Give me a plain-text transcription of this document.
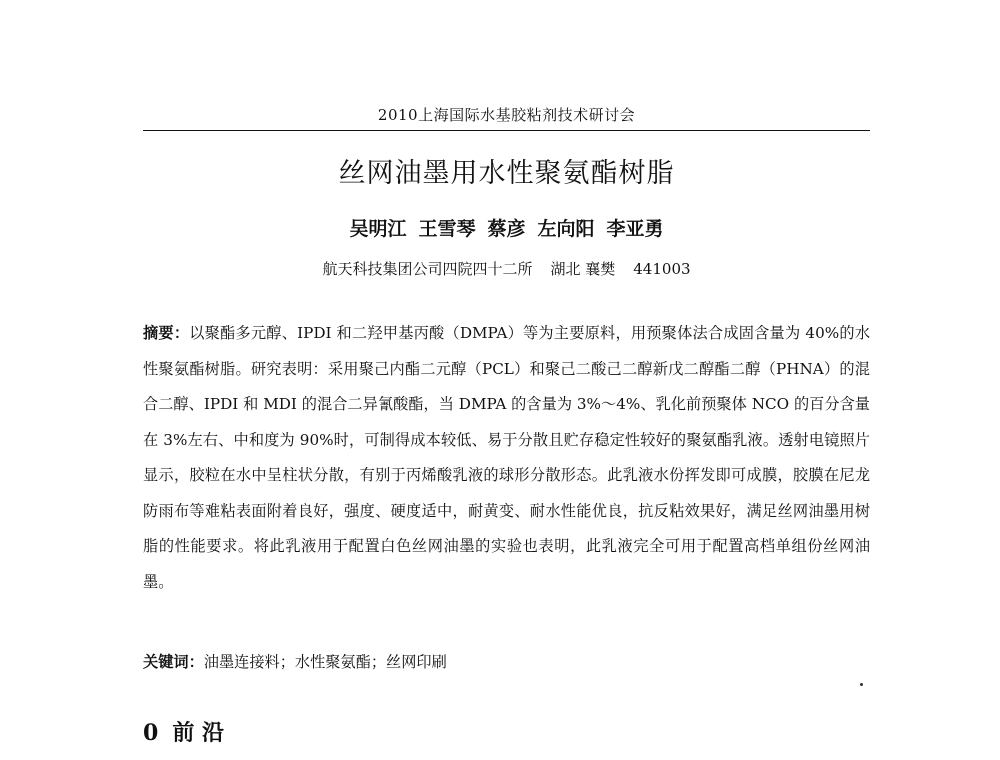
2010上海国际水基胶粘剂技术研讨会
丝网油墨用水性聚氨酯树脂
吴明江 王雪琴 蔡彦 左向阳 李亚勇
航天科技集团公司四院四十二所 湖北 襄樊 441003
摘要：以聚酯多元醇、IPDI 和二羟甲基丙酸（DMPA）等为主要原料，用预聚体法合成固含量为 40%的水性聚氨酯树脂。研究表明：采用聚己内酯二元醇（PCL）和聚己二酸己二醇新戊二醇酯二醇（PHNA）的混合二醇、IPDI 和 MDI 的混合二异氰酸酯，当 DMPA 的含量为 3%～4%、乳化前预聚体 NCO 的百分含量在 3%左右、中和度为 90%时，可制得成本较低、易于分散且贮存稳定性较好的聚氨酯乳液。透射电镜照片显示，胶粒在水中呈柱状分散，有别于丙烯酸乳液的球形分散形态。此乳液水份挥发即可成膜，胶膜在尼龙防雨布等难粘表面附着良好，强度、硬度适中，耐黄变、耐水性能优良，抗反粘效果好，满足丝网油墨用树脂的性能要求。将此乳液用于配置白色丝网油墨的实验也表明，此乳液完全可用于配置高档单组份丝网油墨。
关键词：油墨连接料；水性聚氨酯；丝网印刷
0 前 沿
